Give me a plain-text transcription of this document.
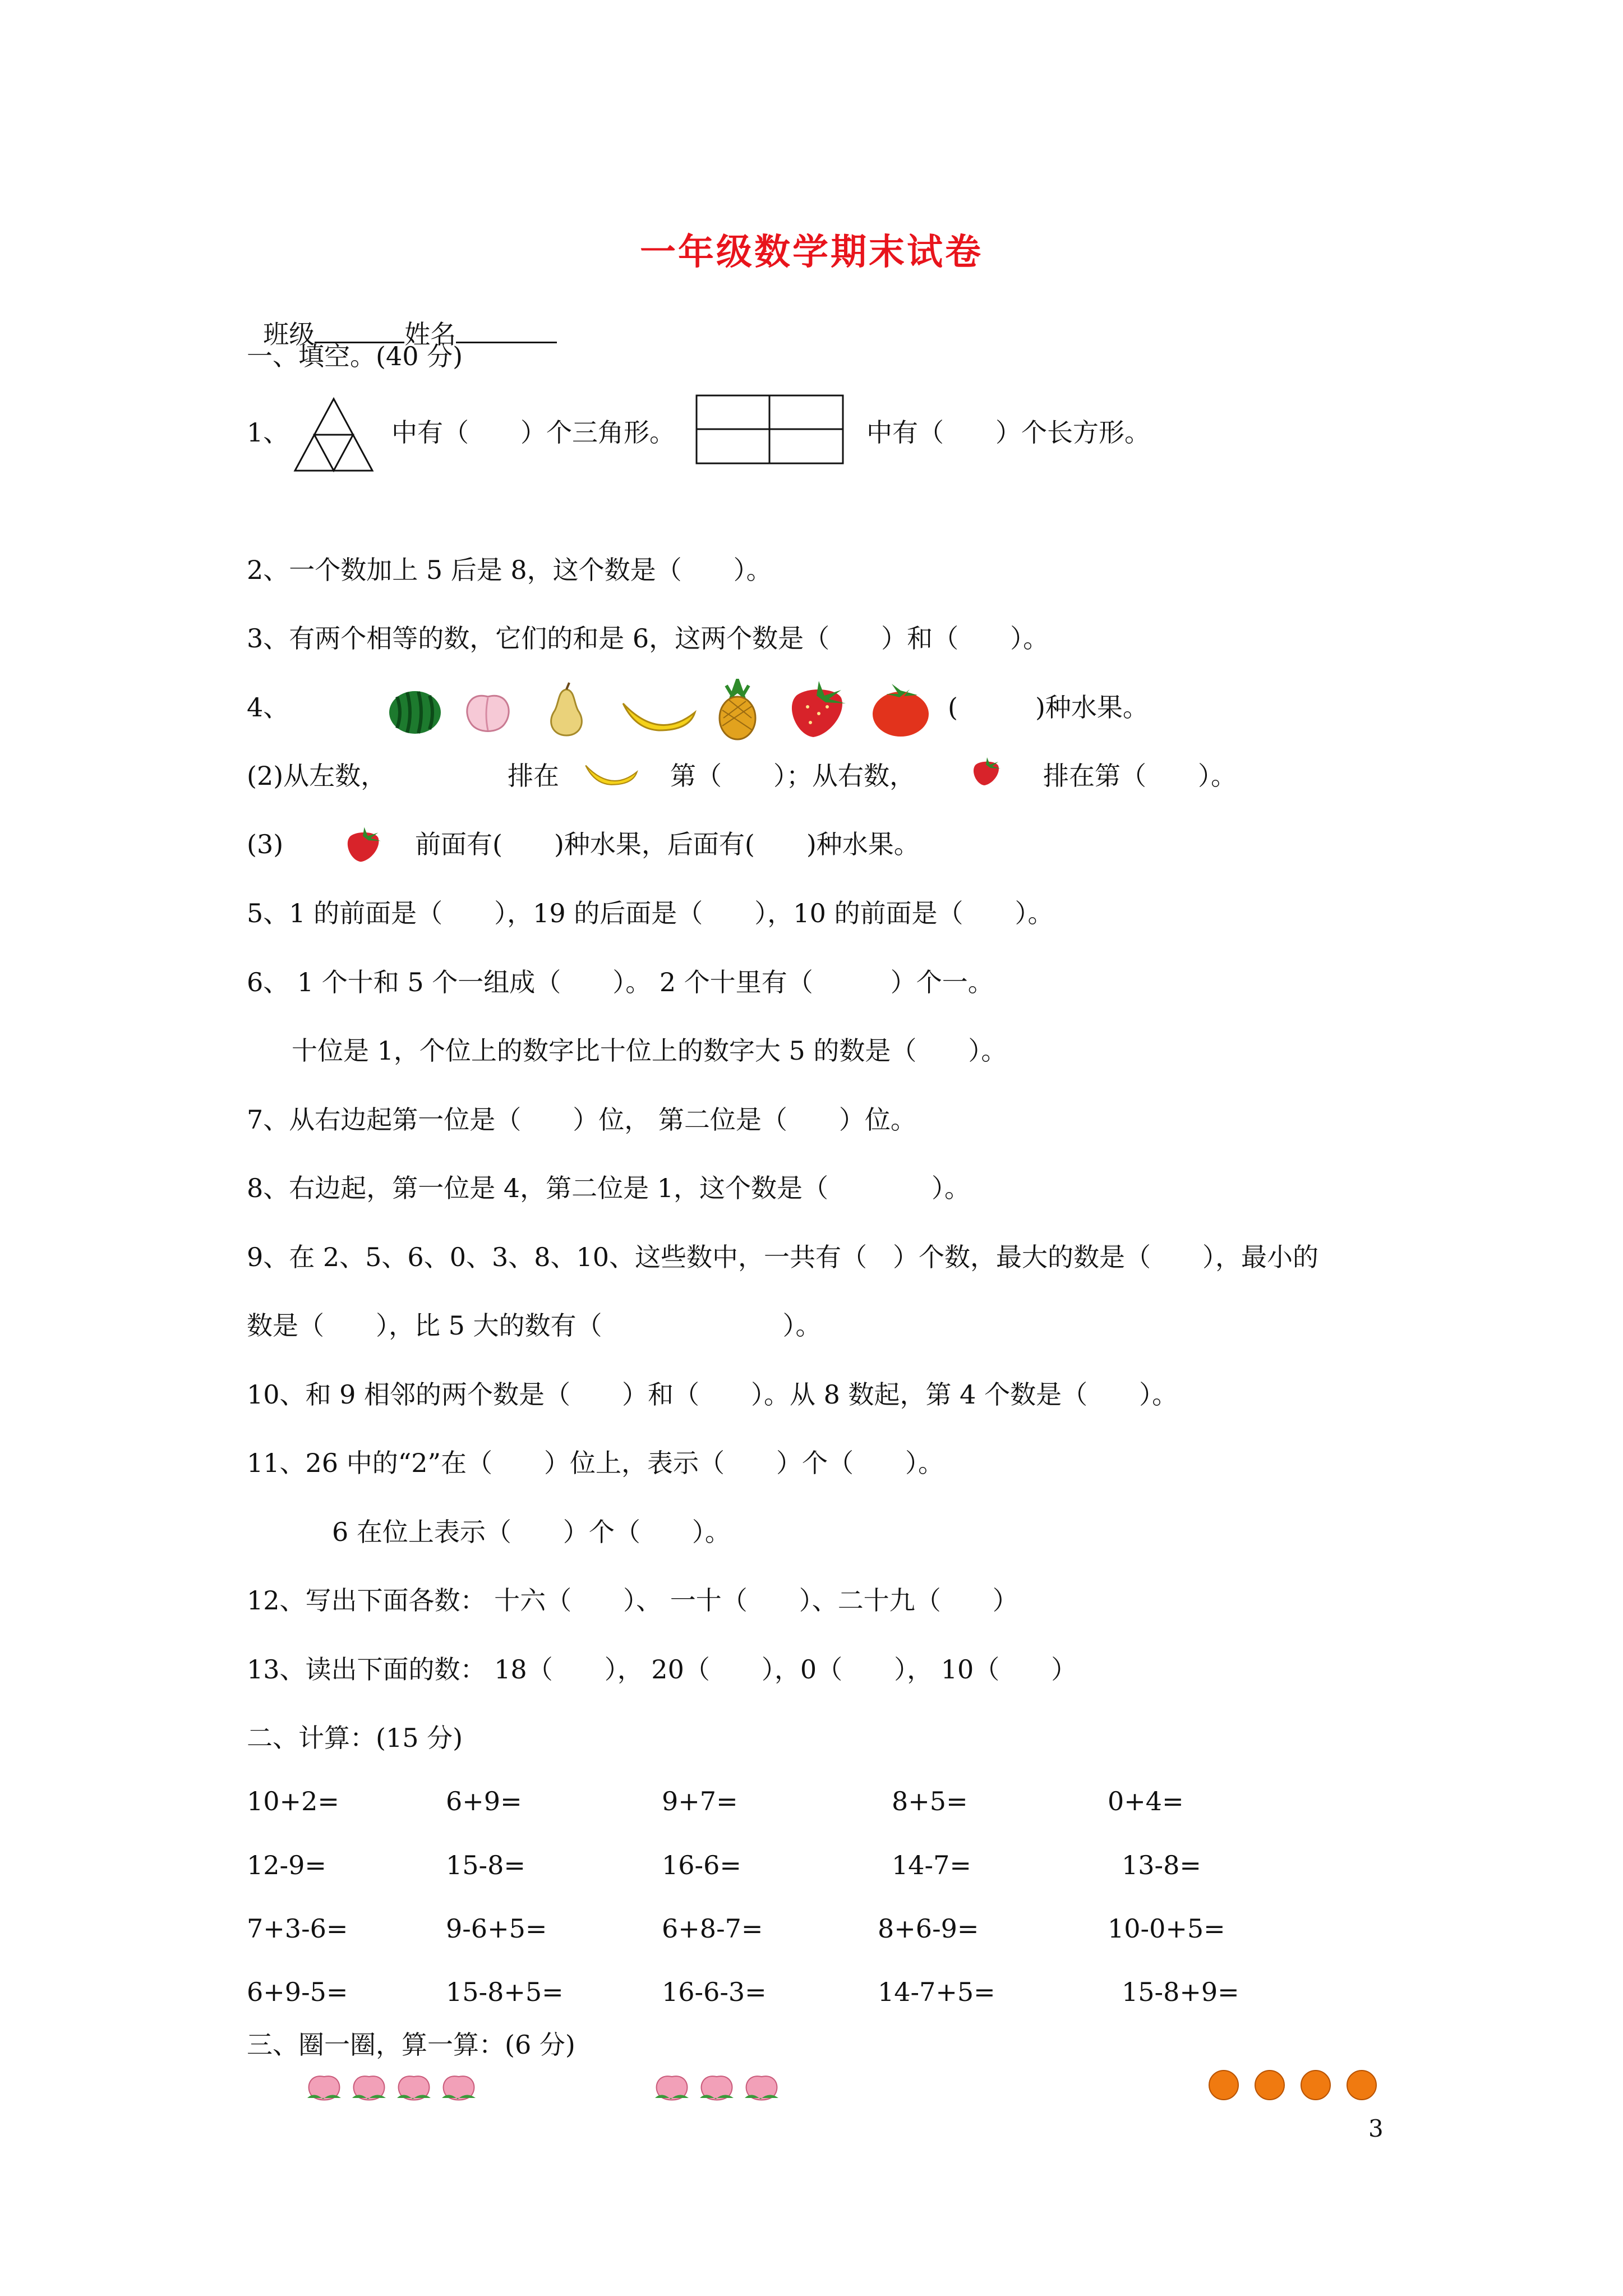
一年级数学期末试卷

班级	姓名

一、填空。(40 分)
1、	中有（　　）个三角形。	中有（　　）个长方形。
2、一个数加上 5 后是 8，这个数是（　　）。
3、有两个相等的数，它们的和是 6，这两个数是（　　）和（　　）。
4、	(　　　)种水果。
(2)从左数，	排在	第（　　）；从右数，	排在第（　　）。
(3)	前面有(　　)种水果，后面有(　　)种水果。
5、1 的前面是（　　），19 的后面是（　　），10 的前面是（　　）。
6、 1 个十和 5 个一组成（　　）。 2 个十里有（　　　）个一。
十位是 1，个位上的数字比十位上的数字大 5 的数是（　　）。
7、从右边起第一位是（　　）位， 第二位是（　　）位。
8、右边起，第一位是 4，第二位是 1，这个数是（　　　　）。
9、在 2、5、6、0、3、8、10、这些数中，一共有（　）个数，最大的数是（　　），最小的
数是（　　），比 5 大的数有（　　　　　　　）。
10、和 9 相邻的两个数是（　　）和（　　）。从 8 数起，第 4 个数是（　　）。
11、26 中的“2”在（　　）位上，表示（　　）个（　　）。
6 在位上表示（　　）个（　　）。
12、写出下面各数： 十六（　　）、 一十（　　）、二十九（　　）
13、读出下面的数： 18（　　）， 20（　　），0（　　）， 10（　　）
二、计算：(15 分)
10+2=	6+9=	9+7=	8+5=	0+4=
12-9=	15-8=	16-6=	14-7=	13-8=
7+3-6=	9-6+5=	6+8-7=	8+6-9=	10-0+5=
6+9-5=	15-8+5=	16-6-3=	14-7+5=	15-8+9=
三、圈一圈，算一算：(6 分)
3
